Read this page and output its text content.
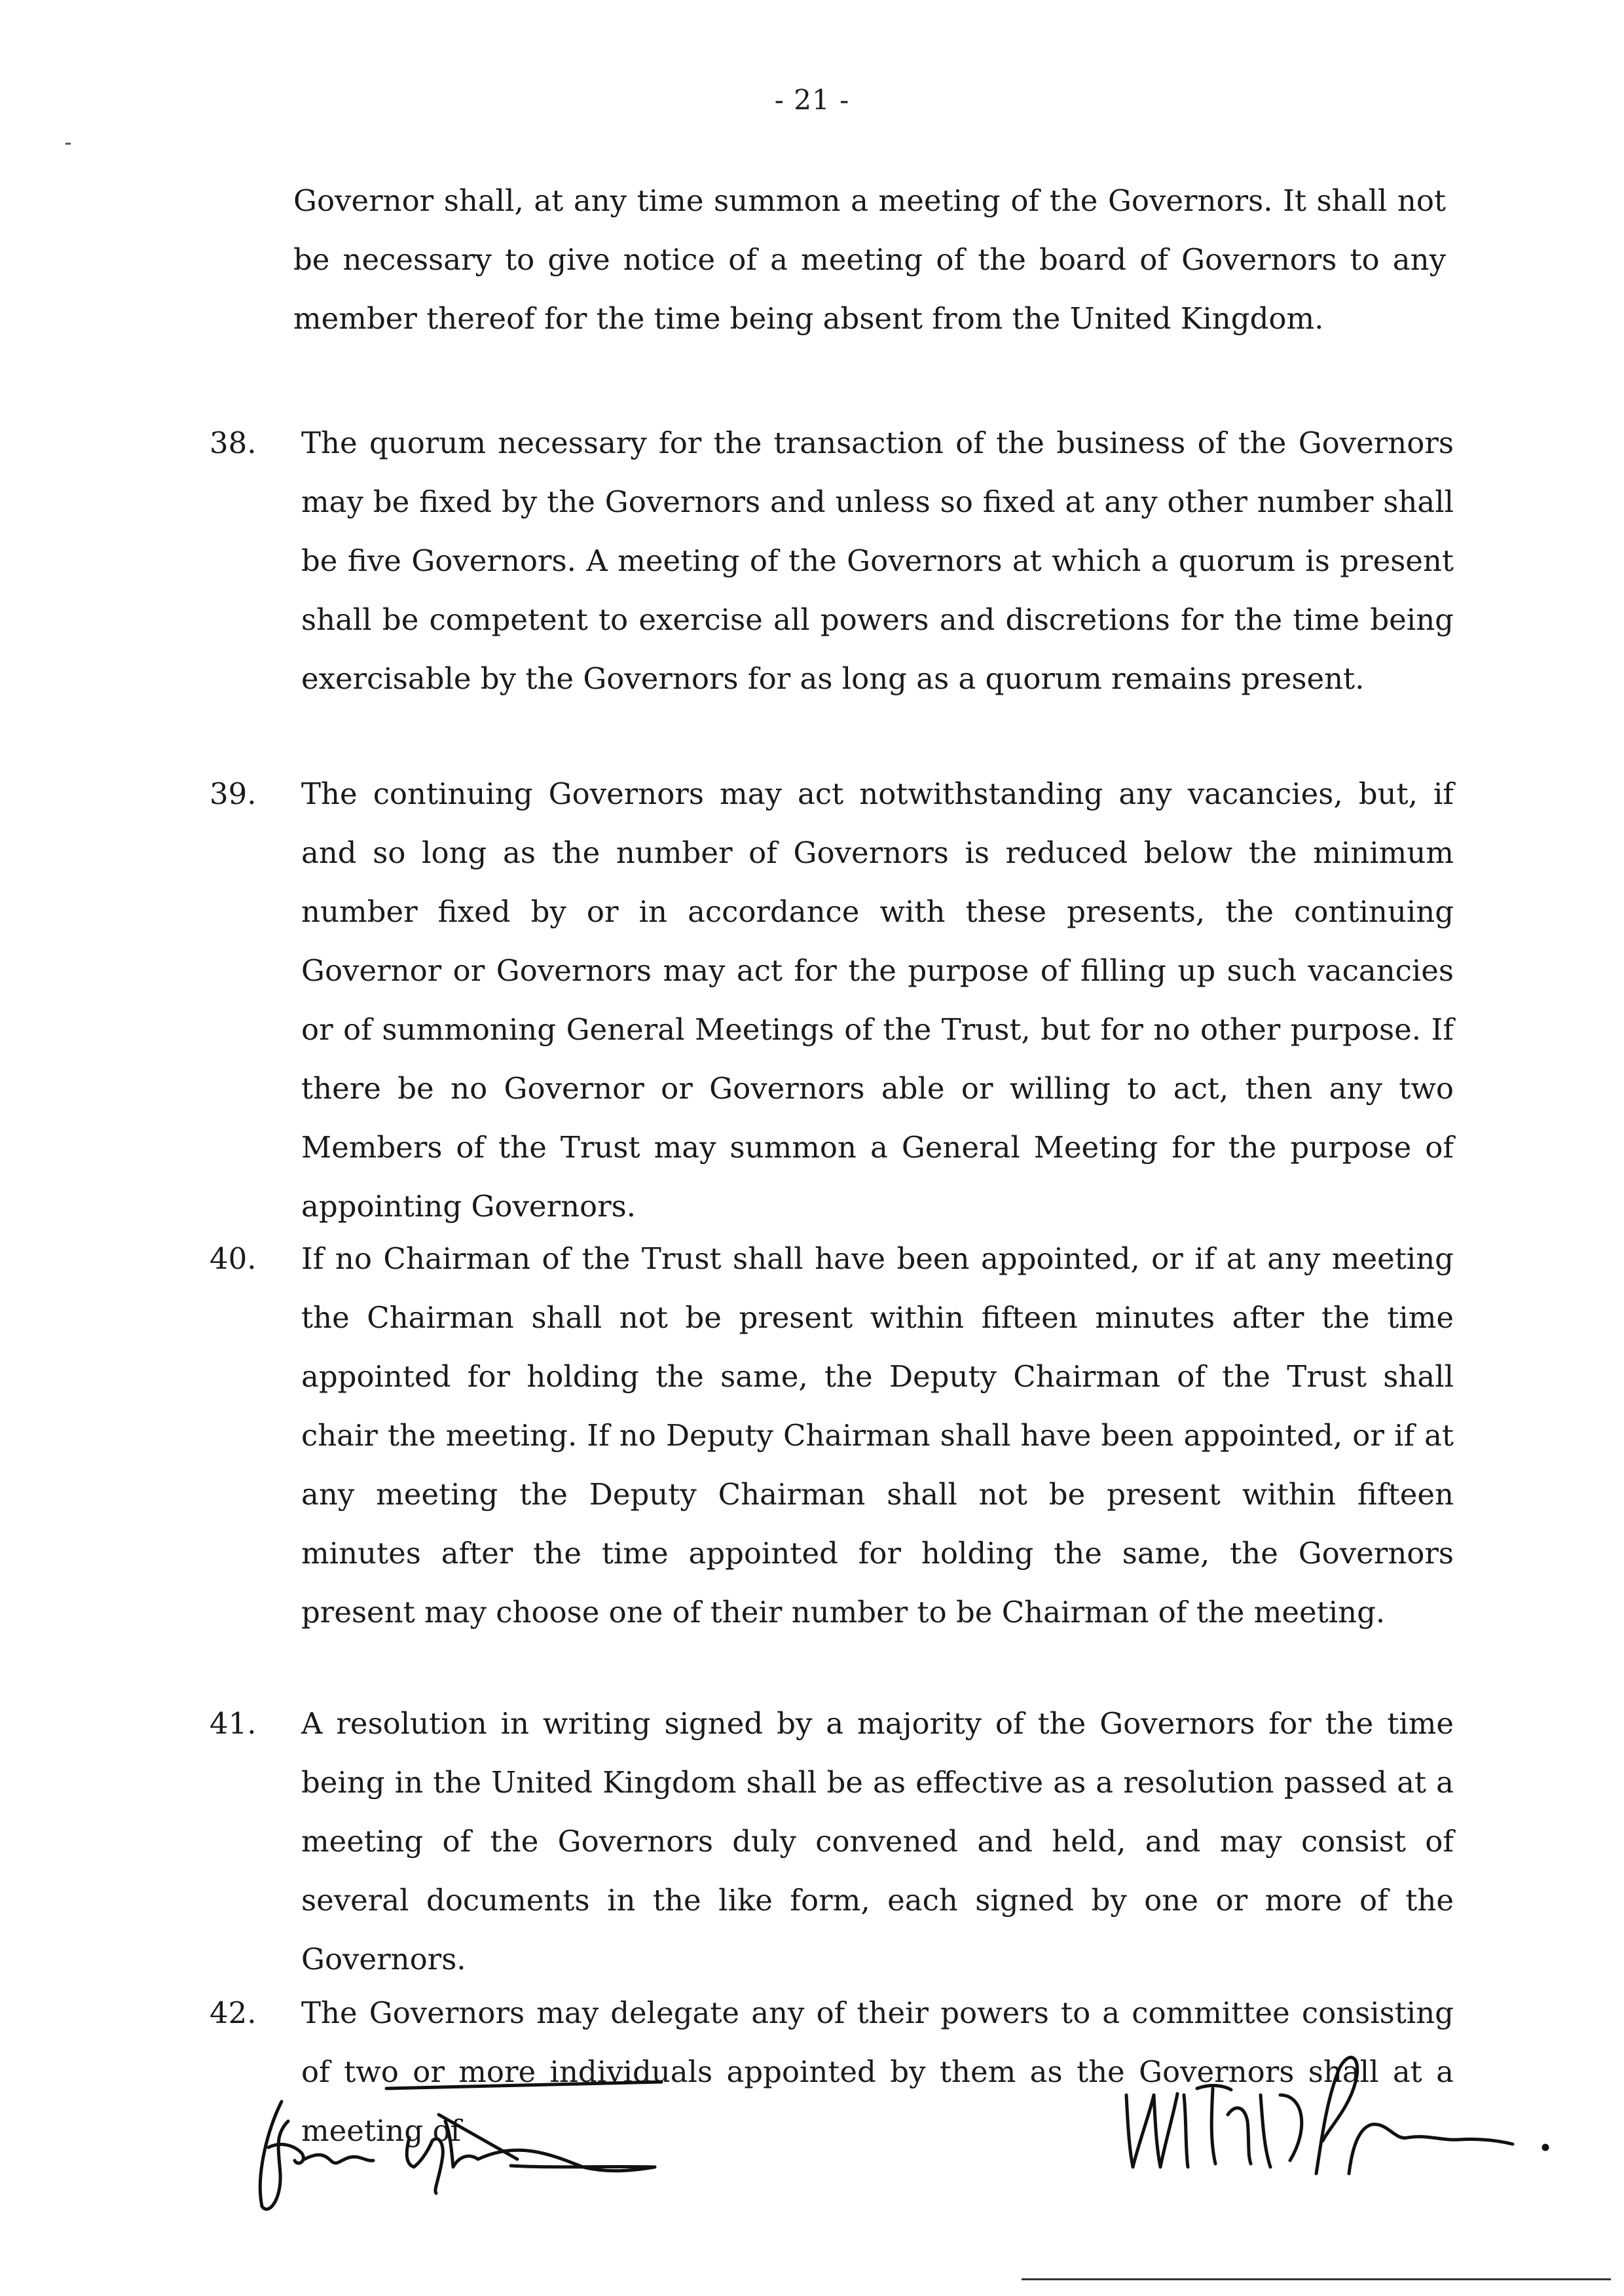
- 21 -
Governor shall, at any time summon a meeting of the Governors. It shall not be necessary to give notice of a meeting of the board of Governors to any member thereof for the time being absent from the United Kingdom.
38.	The quorum necessary for the transaction of the business of the Governors may be fixed by the Governors and unless so fixed at any other number shall be five Governors. A meeting of the Governors at which a quorum is present shall be competent to exercise all powers and discretions for the time being exercisable by the Governors for as long as a quorum remains present.
39.	The continuing Governors may act notwithstanding any vacancies, but, if and so long as the number of Governors is reduced below the minimum number fixed by or in accordance with these presents, the continuing Governor or Governors may act for the purpose of filling up such vacancies or of summoning General Meetings of the Trust, but for no other purpose. If there be no Governor or Governors able or willing to act, then any two Members of the Trust may summon a General Meeting for the purpose of appointing Governors.
40.	If no Chairman of the Trust shall have been appointed, or if at any meeting the Chairman shall not be present within fifteen minutes after the time appointed for holding the same, the Deputy Chairman of the Trust shall chair the meeting. If no Deputy Chairman shall have been appointed, or if at any meeting the Deputy Chairman shall not be present within fifteen minutes after the time appointed for holding the same, the Governors present may choose one of their number to be Chairman of the meeting.
41.	A resolution in writing signed by a majority of the Governors for the time being in the United Kingdom shall be as effective as a resolution passed at a meeting of the Governors duly convened and held, and may consist of several documents in the like form, each signed by one or more of the Governors.
42.	The Governors may delegate any of their powers to a committee consisting of two or more individuals appointed by them as the Governors shall at a meeting of
